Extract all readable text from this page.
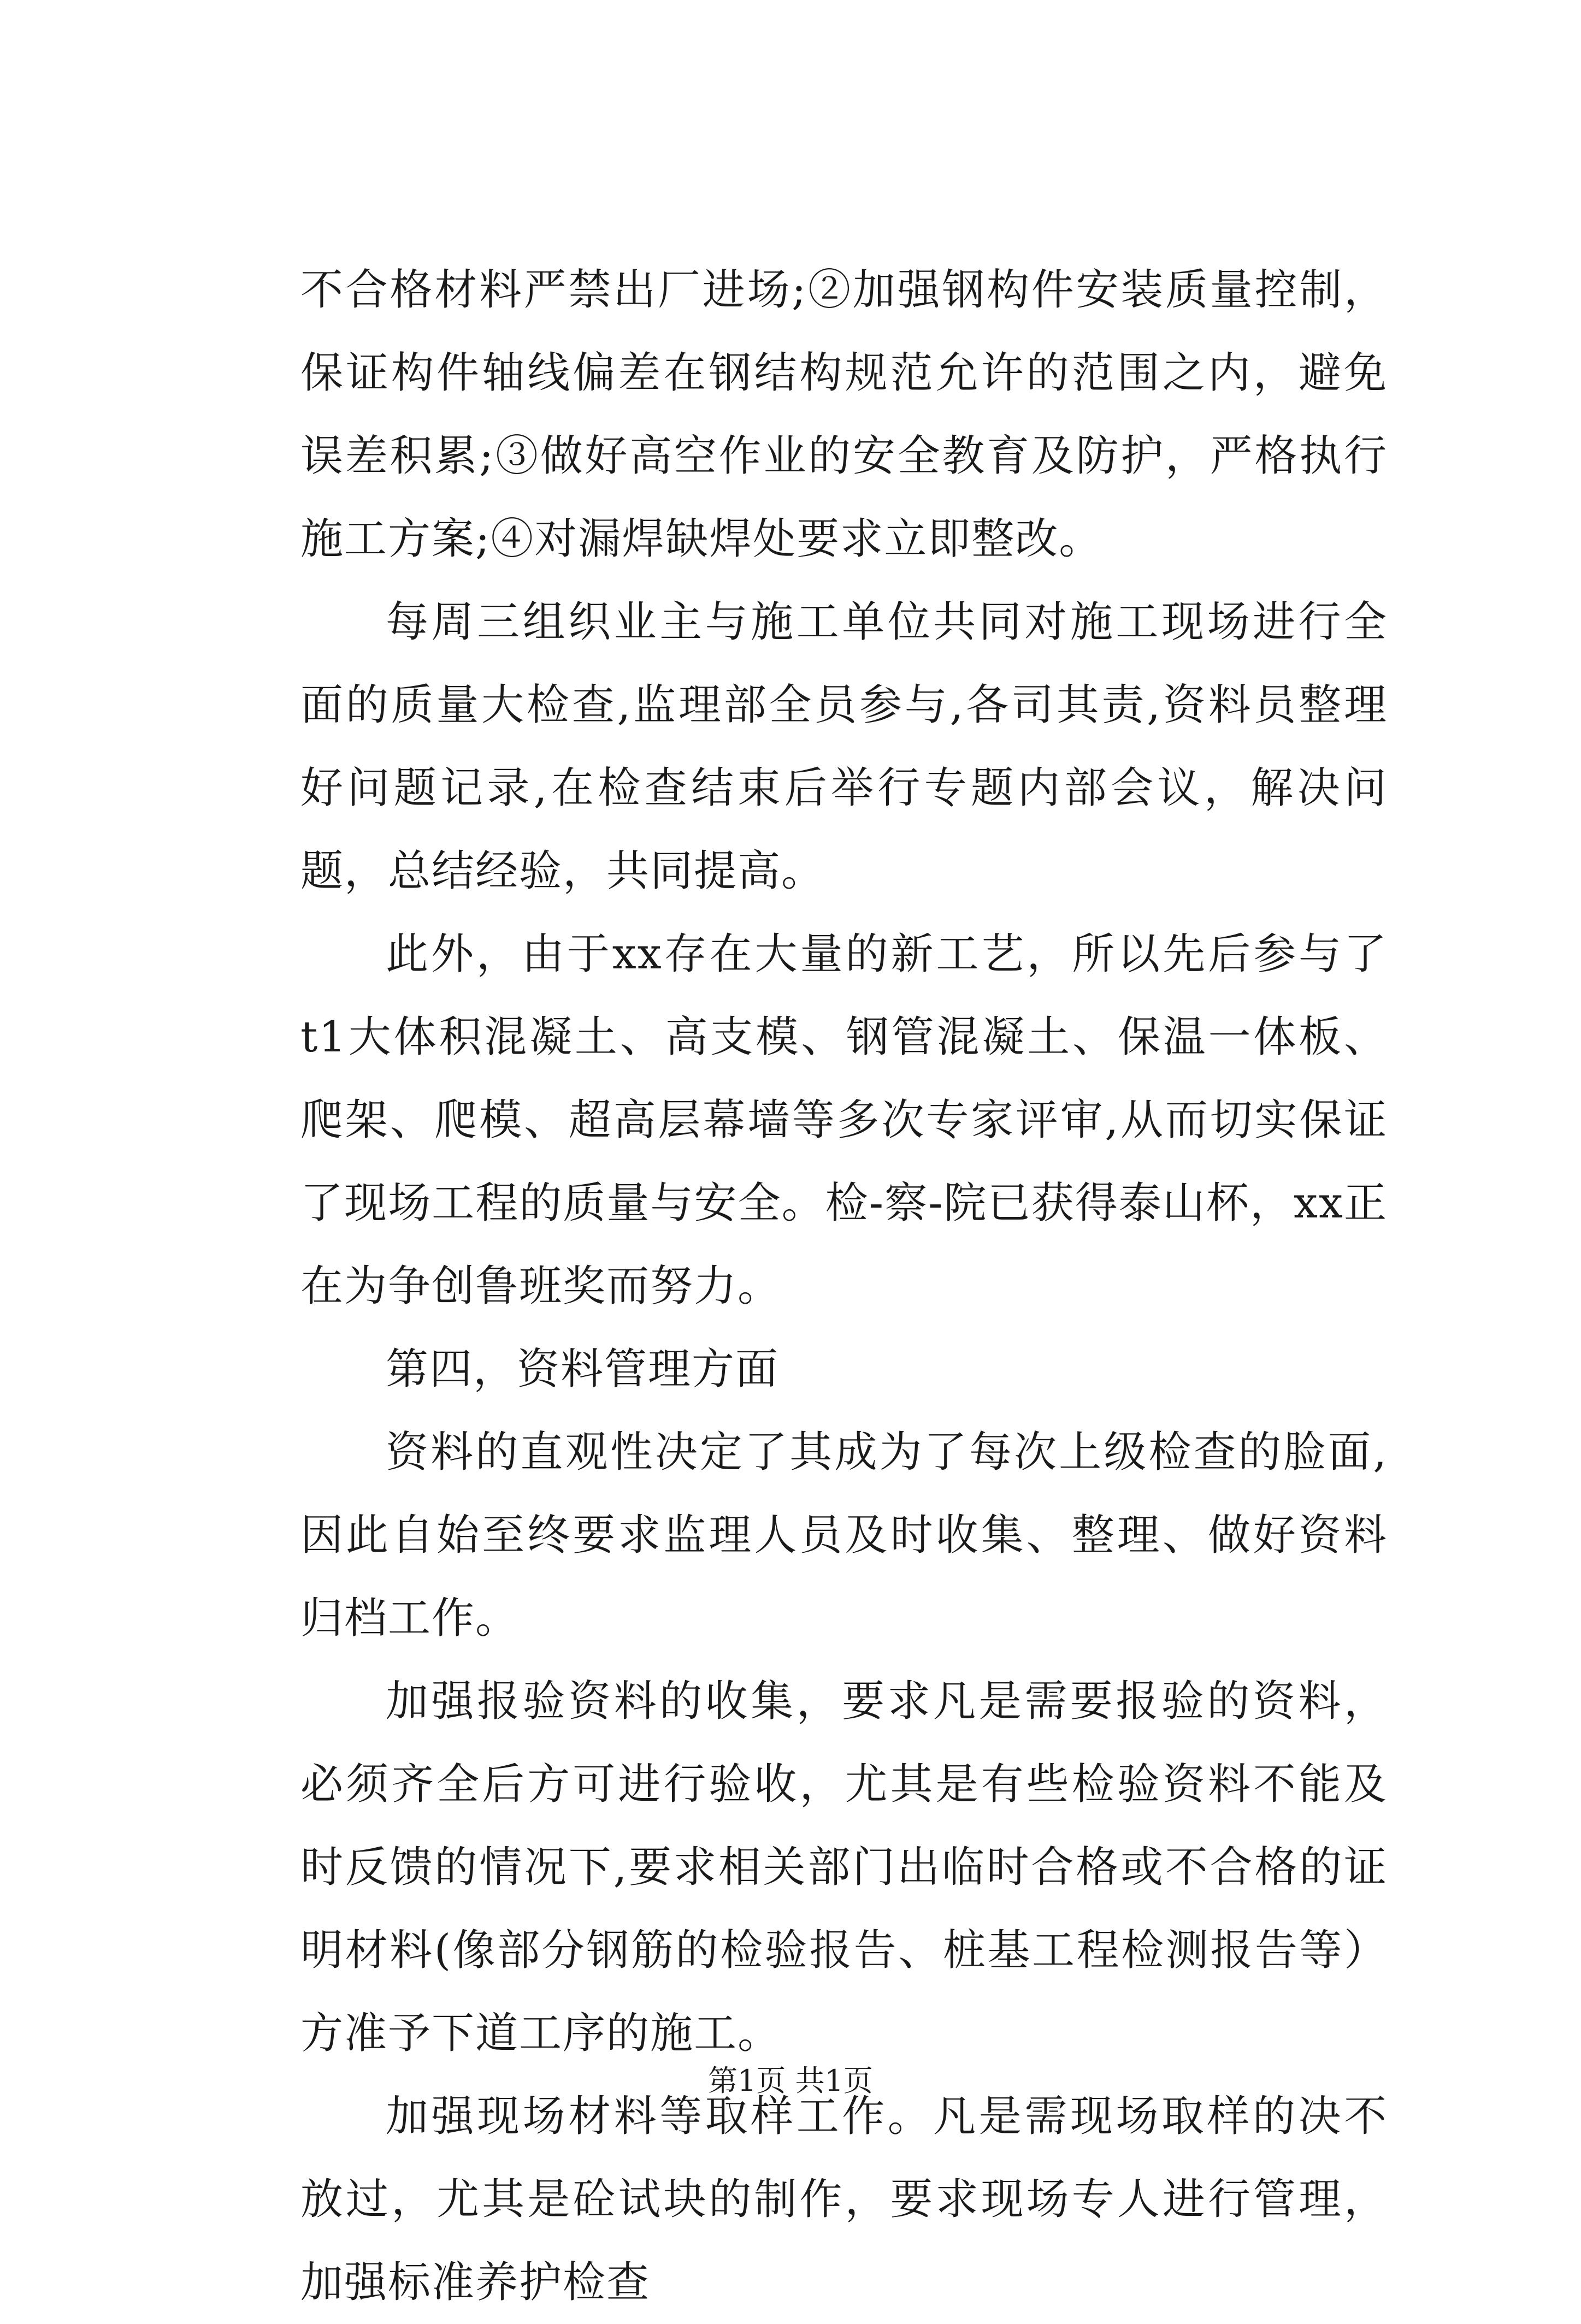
不合格材料严禁出厂进场;②加强钢构件安装质量控制，保证构件轴线偏差在钢结构规范允许的范围之内，避免误差积累;③做好高空作业的安全教育及防护，严格执行施工方案;④对漏焊缺焊处要求立即整改。

每周三组织业主与施工单位共同对施工现场进行全面的质量大检查,监理部全员参与,各司其责,资料员整理好问题记录,在检查结束后举行专题内部会议，解决问题，总结经验，共同提高。

此外，由于xx存在大量的新工艺，所以先后参与了t1大体积混凝土、高支模、钢管混凝土、保温一体板、爬架、爬模、超高层幕墙等多次专家评审,从而切实保证了现场工程的质量与安全。检-察-院已获得泰山杯，xx正在为争创鲁班奖而努力。

第四，资料管理方面

资料的直观性决定了其成为了每次上级检查的脸面,因此自始至终要求监理人员及时收集、整理、做好资料归档工作。

加强报验资料的收集，要求凡是需要报验的资料，必须齐全后方可进行验收，尤其是有些检验资料不能及时反馈的情况下,要求相关部门出临时合格或不合格的证明材料(像部分钢筋的检验报告、桩基工程检测报告等）方准予下道工序的施工。

加强现场材料等取样工作。凡是需现场取样的决不放过，尤其是砼试块的制作，要求现场专人进行管理，加强标准养护检查

第1页 共1页
